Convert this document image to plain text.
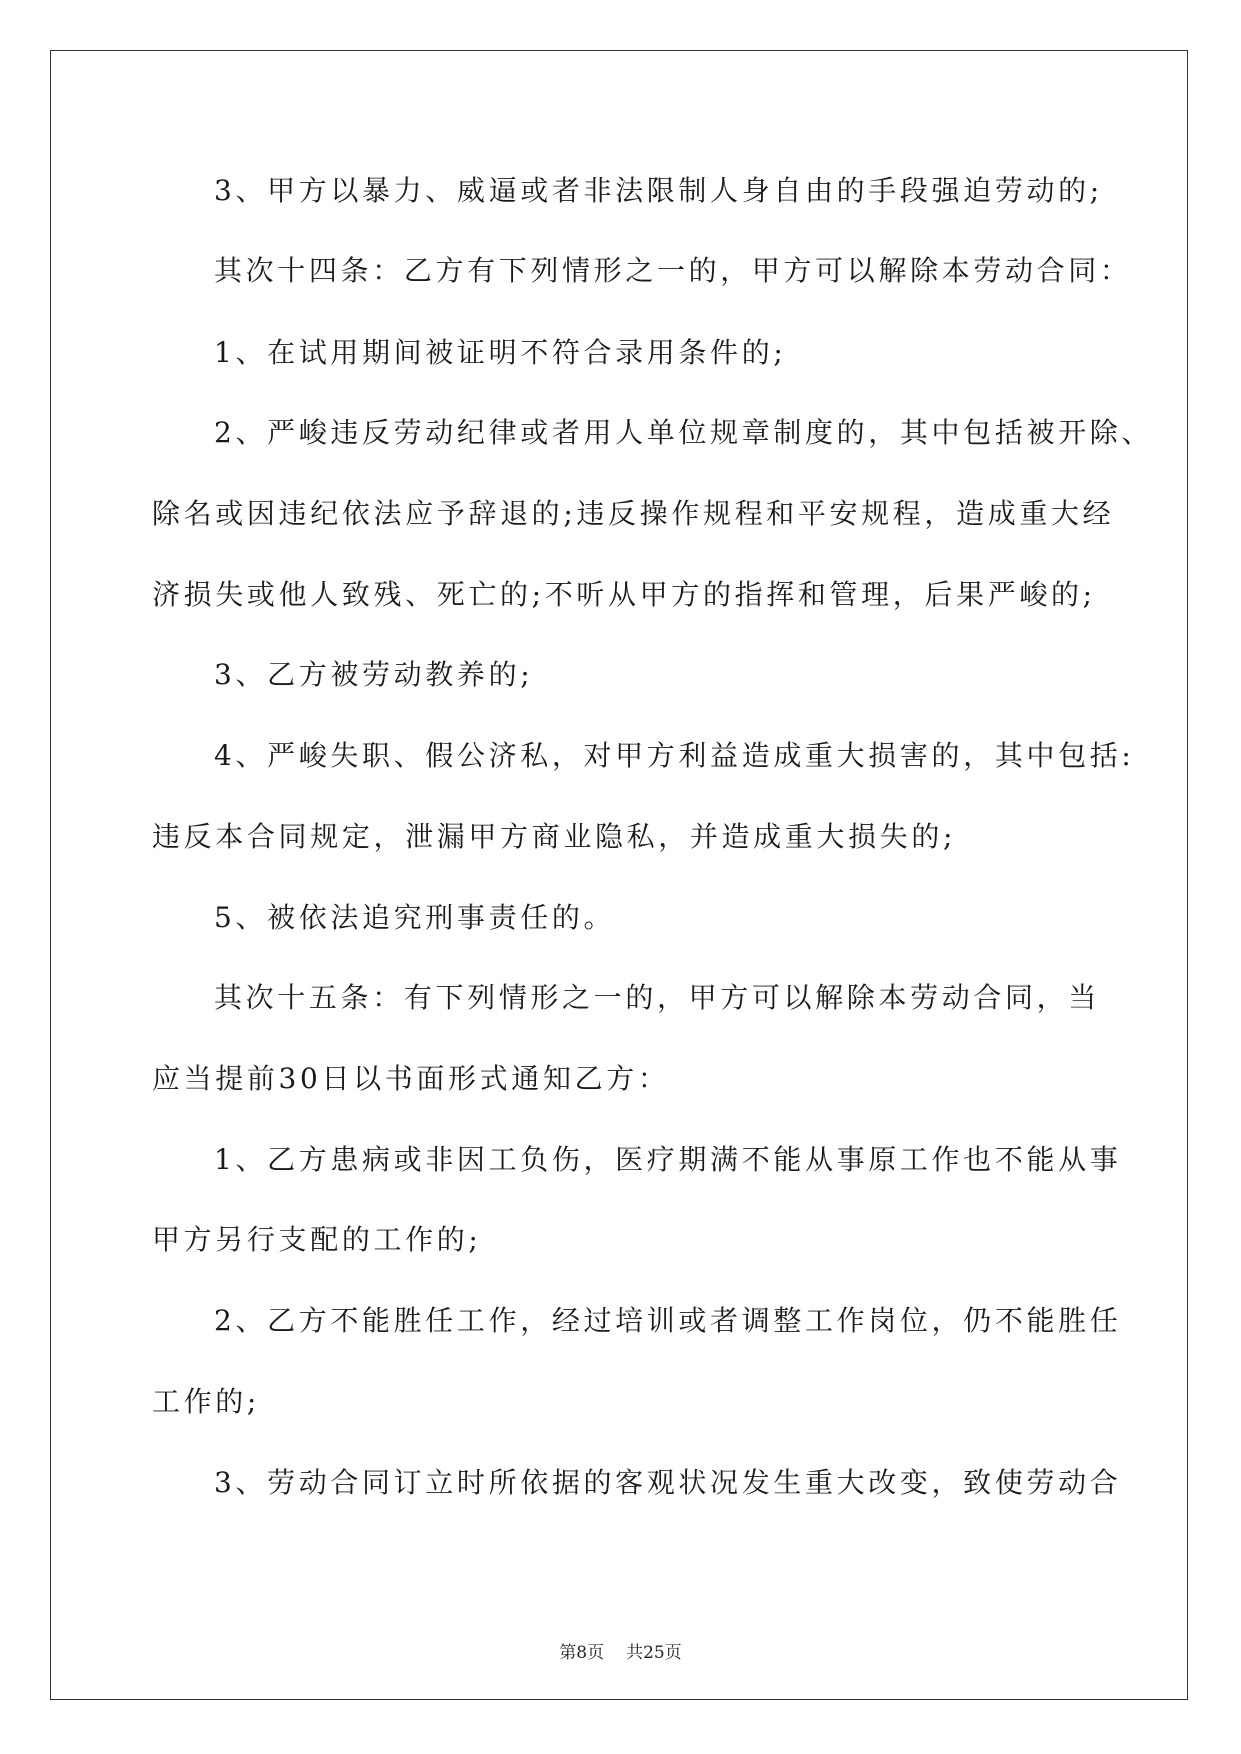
3、甲方以暴力、威逼或者非法限制人身自由的手段强迫劳动的;
其次十四条：乙方有下列情形之一的，甲方可以解除本劳动合同：
1、在试用期间被证明不符合录用条件的;
2、严峻违反劳动纪律或者用人单位规章制度的，其中包括被开除、
除名或因违纪依法应予辞退的;违反操作规程和平安规程，造成重大经
济损失或他人致残、死亡的;不听从甲方的指挥和管理，后果严峻的;
3、乙方被劳动教养的;
4、严峻失职、假公济私，对甲方利益造成重大损害的，其中包括:
违反本合同规定，泄漏甲方商业隐私，并造成重大损失的;
5、被依法追究刑事责任的。
其次十五条：有下列情形之一的，甲方可以解除本劳动合同，当
应当提前30日以书面形式通知乙方：
1、乙方患病或非因工负伤，医疗期满不能从事原工作也不能从事
甲方另行支配的工作的;
2、乙方不能胜任工作，经过培训或者调整工作岗位，仍不能胜任
工作的;
3、劳动合同订立时所依据的客观状况发生重大改变，致使劳动合
第8页 共25页
